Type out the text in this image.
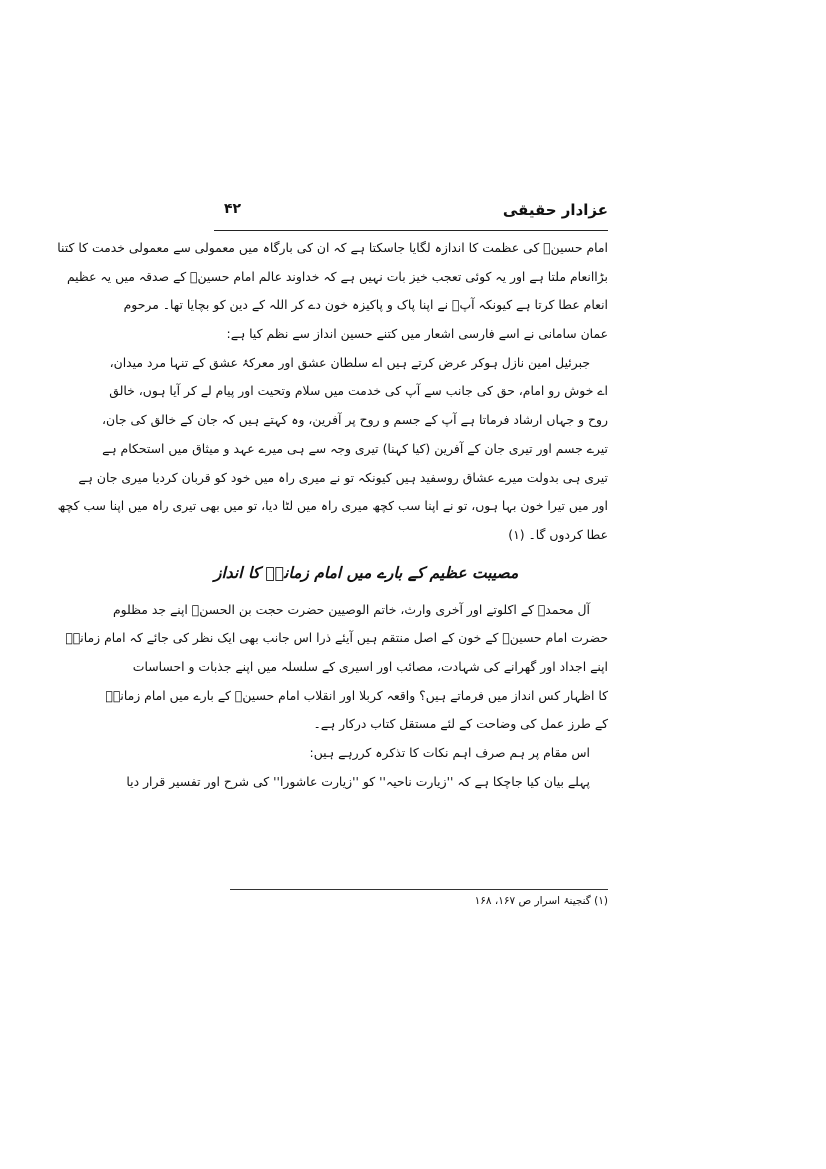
عزادار حقیقی
۴۲
امام حسینؑ کی عظمت کا اندازہ لگایا جاسکتا ہے کہ ان کی بارگاہ میں معمولی سے معمولی خدمت کا کتنا
بڑاانعام ملتا ہے اور یہ کوئی تعجب خیز بات نہیں ہے کہ خداوند عالم امام حسینؑ کے صدقہ میں یہ عظیم
انعام عطا کرتا ہے کیونکہ آپؑ نے اپنا پاک و پاکیزہ خون دے کر اللہ کے دین کو بچایا تھا۔ مرحوم
عمان سامانی نے اسے فارسی اشعار میں کتنے حسین انداز سے نظم کیا ہے:
جبرئیل امین نازل ہوکر عرض کرتے ہیں اے سلطان عشق اور معرکۂ عشق کے تنہا مرد میدان،
اے خوش رو امام، حق کی جانب سے آپ کی خدمت میں سلام وتحیت اور پیام لے کر آیا ہوں، خالق
روح و جہاں ارشاد فرماتا ہے آپ کے جسم و روح پر آفرین، وہ کہتے ہیں کہ جان کے خالق کی جان،
تیرے جسم اور تیری جان کے آفرین (کیا کہنا) تیری وجہ سے ہی میرے عہد و میثاق میں استحکام ہے
تیری ہی بدولت میرے عشاق روسفید ہیں کیونکہ تو نے میری راہ میں خود کو قربان کردیا میری جان ہے
اور میں تیرا خون بہا ہوں، تو نے اپنا سب کچھ میری راہ میں لٹا دیا، تو میں بھی تیری راہ میں اپنا سب کچھ
عطا کردوں گا۔ (۱)
مصیبت عظیم کے بارے میں امام زمانہؑ کا انداز
آل محمدؐ کے اکلوتے اور آخری وارث، خاتم الوصیین حضرت حجت بن الحسنؑ اپنے جد مظلوم
حضرت امام حسینؑ کے خون کے اصل منتقم ہیں آیئے ذرا اس جانب بھی ایک نظر کی جائے کہ امام زمانہؑ
اپنے اجداد اور گھرانے کی شہادت، مصائب اور اسیری کے سلسلہ میں اپنے جذبات و احساسات
کا اظہار کس انداز میں فرماتے ہیں؟ واقعہ کربلا اور انقلاب امام حسینؑ کے بارے میں امام زمانہؑ
کے طرز عمل کی وضاحت کے لئے مستقل کتاب درکار ہے۔
اس مقام پر ہم صرف اہم نکات کا تذکرہ کررہے ہیں:
پہلے بیان کیا جاچکا ہے کہ ''زیارت ناحیہ'' کو ''زیارت عاشورا'' کی شرح اور تفسیر قرار دیا
(۱) گنجینۂ اسرار ص ۱۶۷، ۱۶۸
